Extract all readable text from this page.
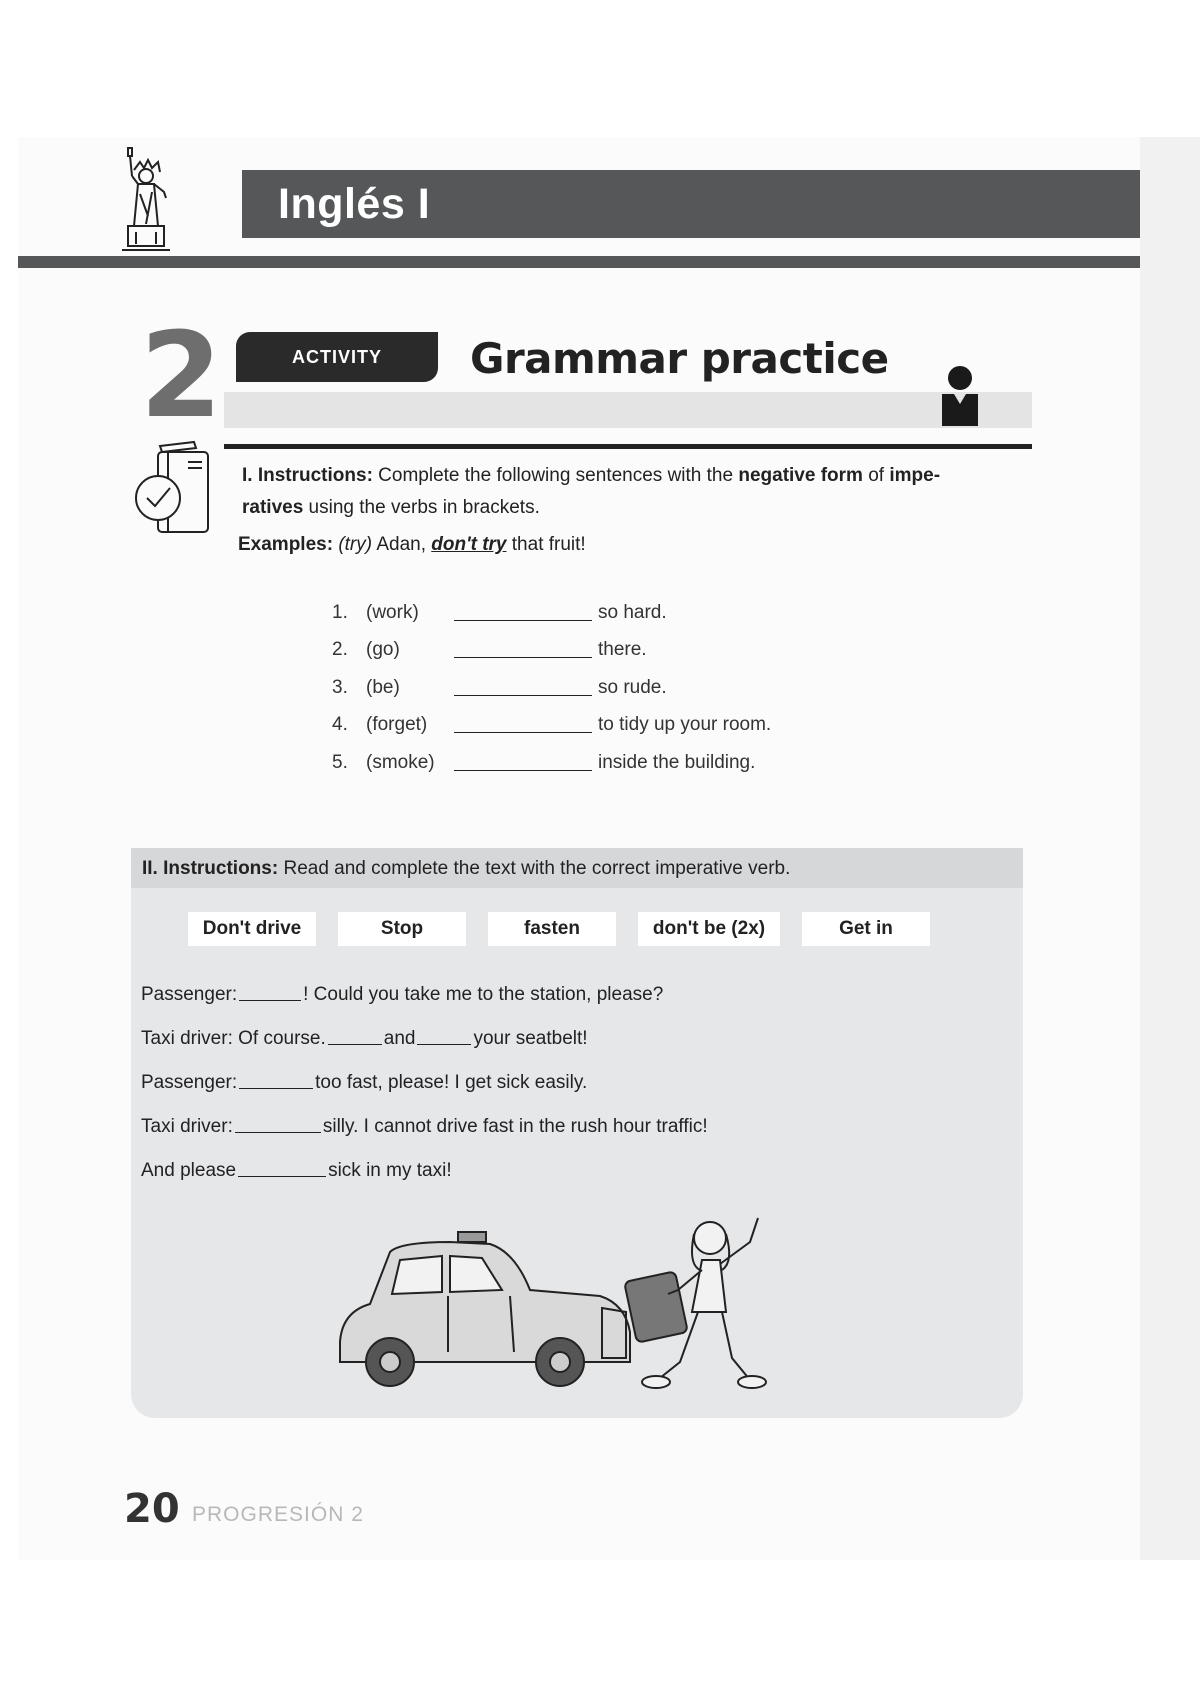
Inglés I
2	ACTIVITY Grammar practice
I. Instructions: Complete the following sentences with the negative form of impe-
ratives using the verbs in brackets.
Examples: (try) Adan, don't try that fruit!
1. (work)	so hard.
2. (go)	there.
3. (be)	so rude.
4. (forget)	to tidy up your room.
5. (smoke)	inside the building.
II. Instructions: Read and complete the text with the correct imperative verb.
Don't drive	Stop	fasten	don't be (2x)	Get in
Passenger:	! Could you take me to the station, please?
Taxi driver: Of course.	and	your seatbelt!
Passenger:	too fast, please! I get sick easily.
Taxi driver:	silly. I cannot drive fast in the rush hour traffic!
And please	sick in my taxi!
20 PROGRESIÓN 2
